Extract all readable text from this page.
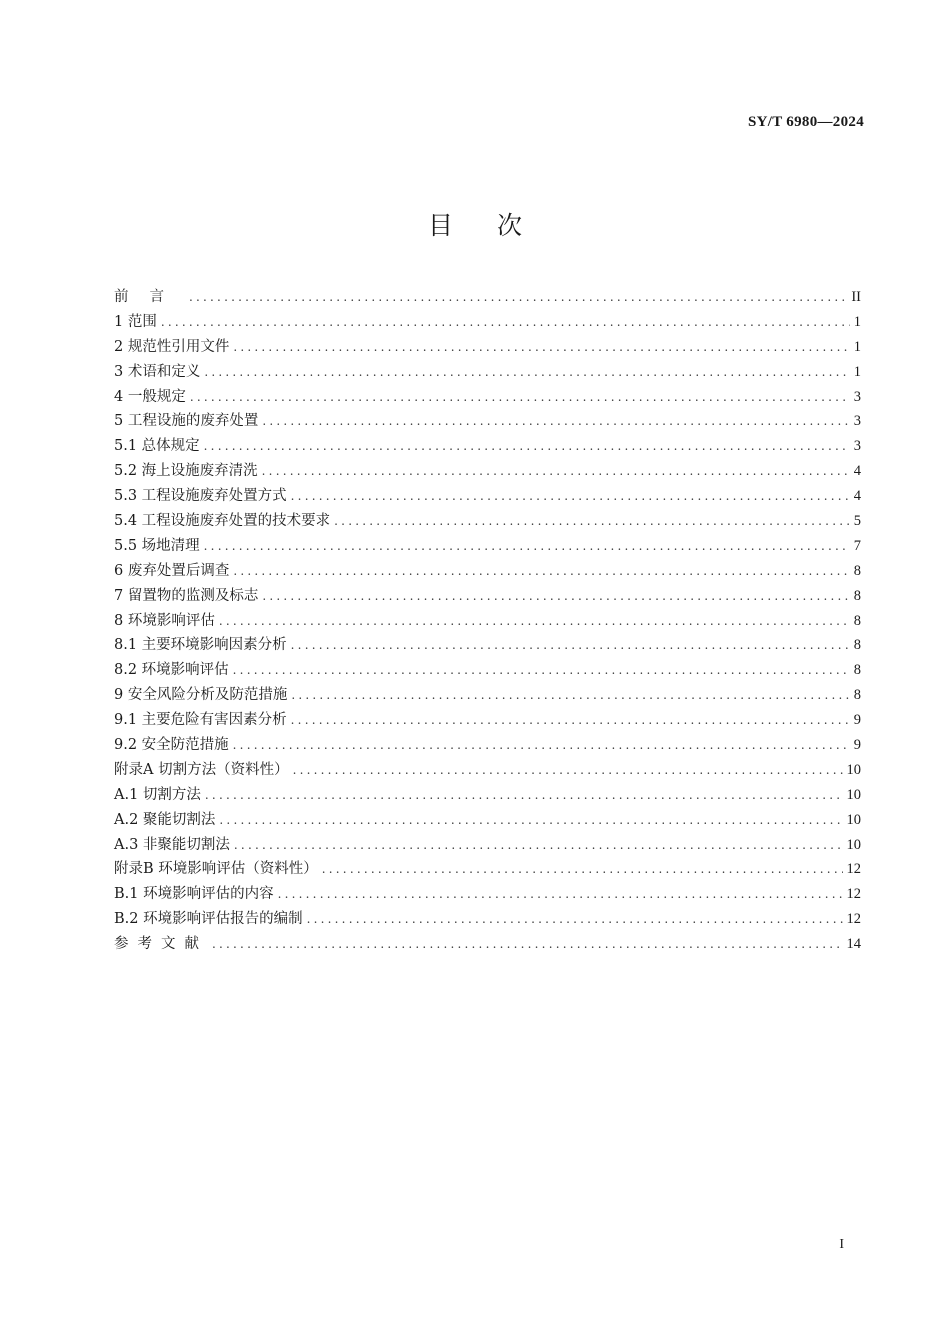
SY/T 6980—2024
目次
前言 .....	II
1 范围 .....	1
2 规范性引用文件 .....	1
3 术语和定义 .....	1
4 一般规定 .....	3
5 工程设施的废弃处置 .....	3
5.1 总体规定 .....	3
5.2 海上设施废弃清洗 .....	4
5.3 工程设施废弃处置方式 .....	4
5.4 工程设施废弃处置的技术要求 .....	5
5.5 场地清理 .....	7
6 废弃处置后调查 .....	8
7 留置物的监测及标志 .....	8
8 环境影响评估 .....	8
8.1 主要环境影响因素分析 .....	8
8.2 环境影响评估 .....	8
9 安全风险分析及防范措施 .....	8
9.1 主要危险有害因素分析 .....	9
9.2 安全防范措施 .....	9
附录A 切割方法（资料性） .....	10
A.1 切割方法 .....	10
A.2 聚能切割法 .....	10
A.3 非聚能切割法 .....	10
附录B 环境影响评估（资料性） .....	12
B.1 环境影响评估的内容 .....	12
B.2 环境影响评估报告的编制 .....	12
参考文献 .....	14
I
